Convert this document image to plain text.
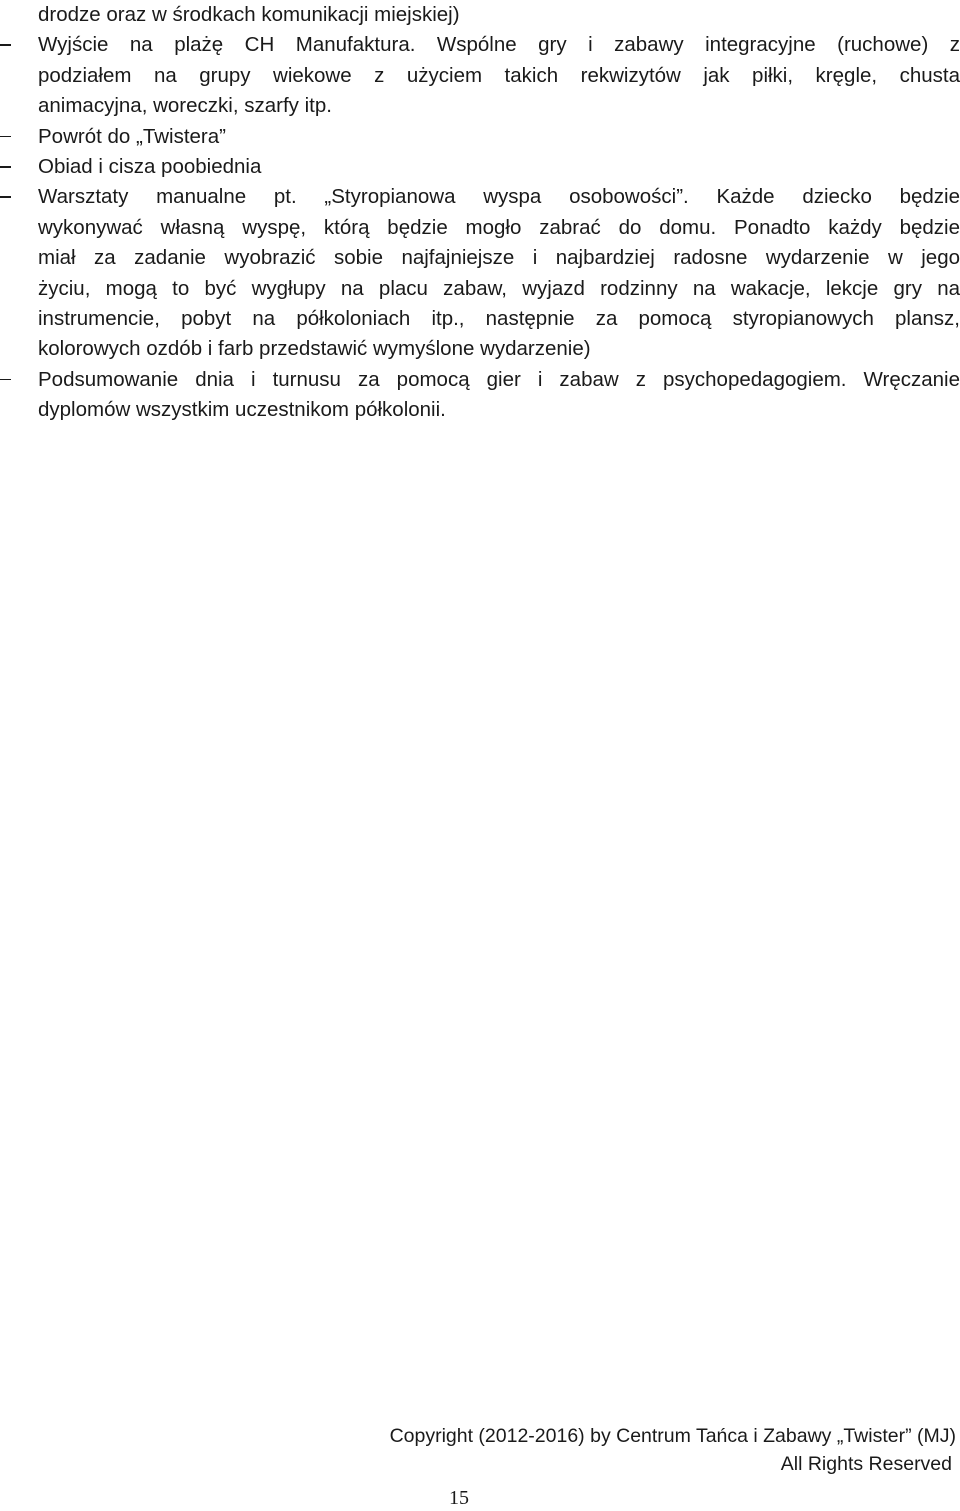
drodze oraz w środkach komunikacji miejskiej)
Wyjście na plażę CH Manufaktura. Wspólne gry i zabawy integracyjne (ruchowe) z
podziałem na grupy wiekowe z użyciem takich rekwizytów jak piłki, kręgle, chusta
animacyjna, woreczki, szarfy itp.
Powrót do „Twistera”
Obiad i cisza poobiednia
Warsztaty manualne pt. „Styropianowa wyspa osobowości”. Każde dziecko będzie
wykonywać własną wyspę, którą będzie mogło zabrać do domu. Ponadto każdy będzie
miał za zadanie wyobrazić sobie najfajniejsze i najbardziej radosne wydarzenie w jego
życiu, mogą to być wygłupy na placu zabaw, wyjazd rodzinny na wakacje, lekcje gry na
instrumencie, pobyt na półkoloniach itp., następnie za pomocą styropianowych plansz,
kolorowych ozdób i farb przedstawić wymyślone wydarzenie)
Podsumowanie dnia i turnusu za pomocą gier i zabaw z psychopedagogiem. Wręczanie
dyplomów wszystkim uczestnikom półkolonii.
Copyright (2012-2016) by Centrum Tańca i Zabawy „Twister” (MJ)
All Rights Reserved
15
